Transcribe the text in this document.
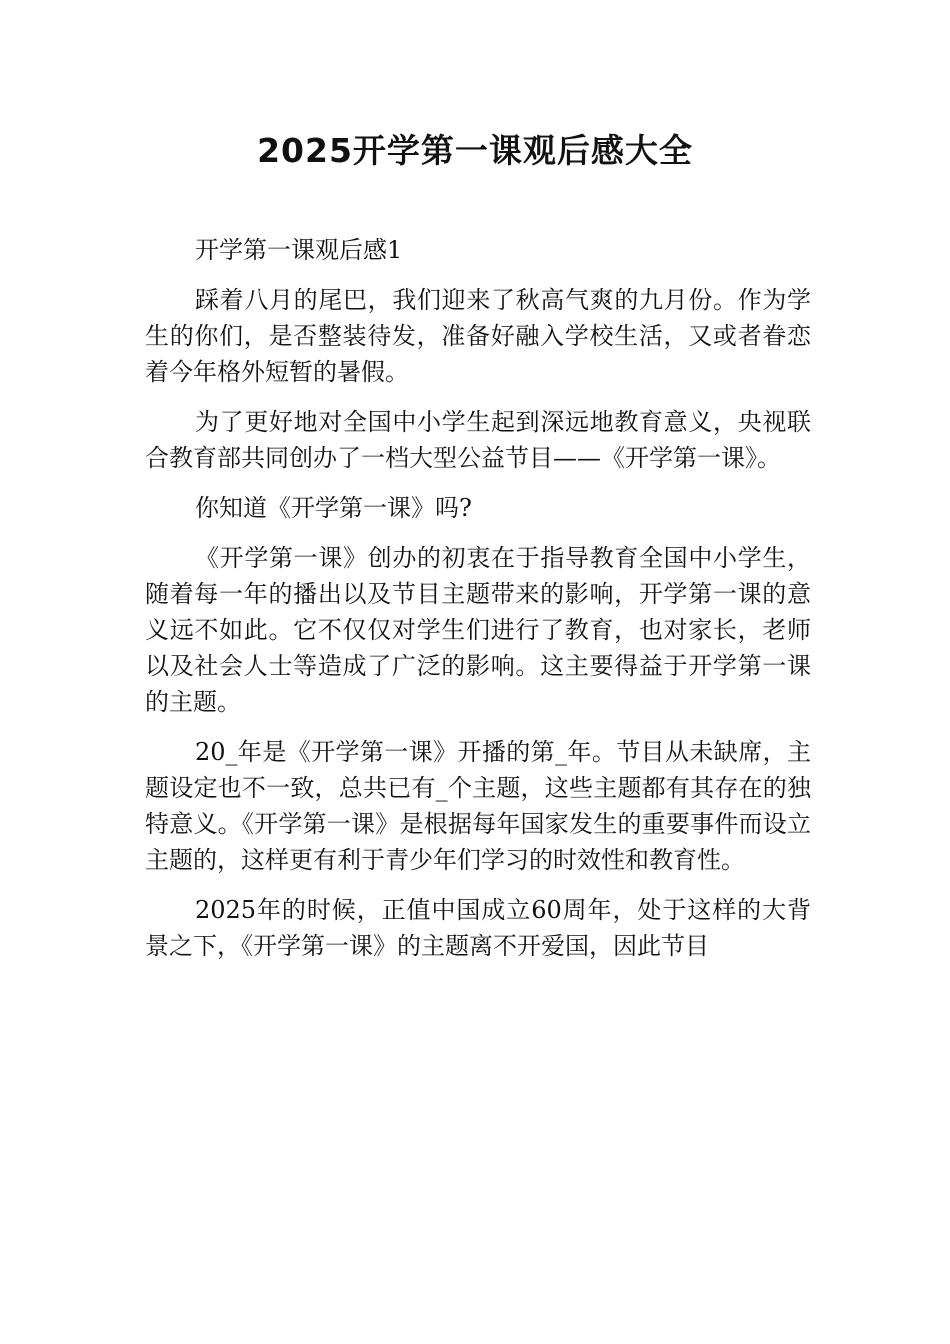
2025开学第一课观后感大全

开学第一课观后感1

踩着八月的尾巴，我们迎来了秋高气爽的九月份。作为学生的你们，是否整装待发，准备好融入学校生活，又或者眷恋着今年格外短暂的暑假。

为了更好地对全国中小学生起到深远地教育意义，央视联合教育部共同创办了一档大型公益节目——《开学第一课》。

你知道《开学第一课》吗?

《开学第一课》创办的初衷在于指导教育全国中小学生，随着每一年的播出以及节目主题带来的影响，开学第一课的意义远不如此。它不仅仅对学生们进行了教育，也对家长，老师以及社会人士等造成了广泛的影响。这主要得益于开学第一课的主题。

20_年是《开学第一课》开播的第_年。节目从未缺席，主题设定也不一致，总共已有_个主题，这些主题都有其存在的独特意义。《开学第一课》是根据每年国家发生的重要事件而设立主题的，这样更有利于青少年们学习的时效性和教育性。

2025年的时候，正值中国成立60周年，处于这样的大背景之下，《开学第一课》的主题离不开爱国，因此节目
